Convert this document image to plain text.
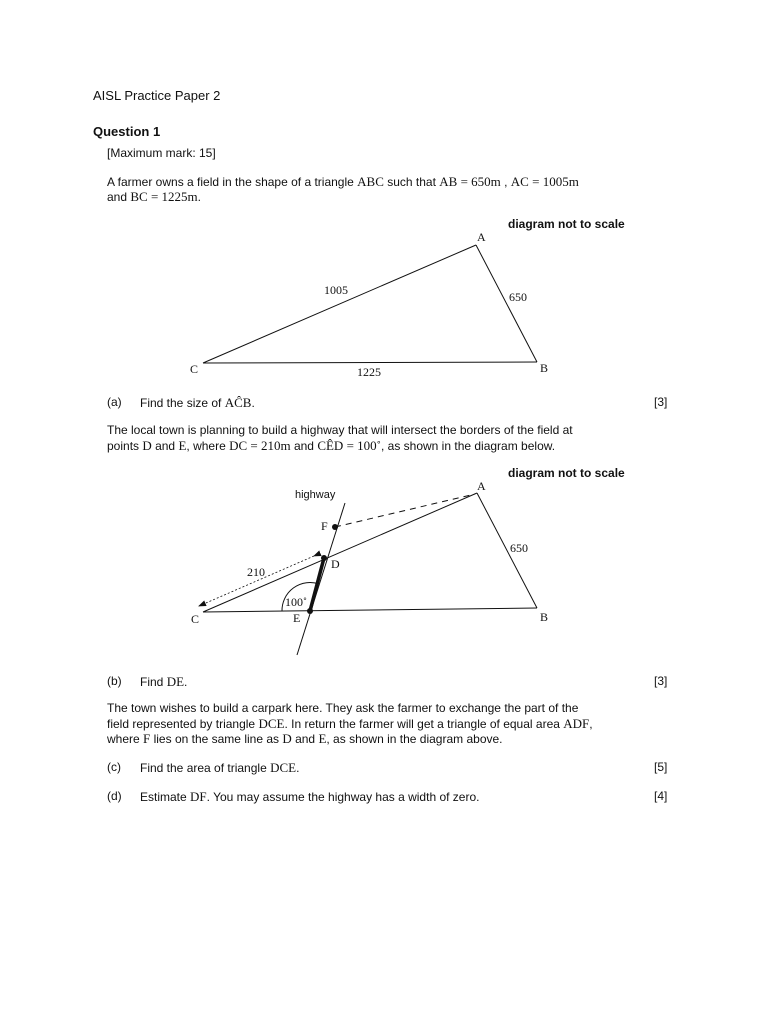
AISL Practice Paper 2
Question 1
[Maximum mark: 15]
A farmer owns a field in the shape of a triangle ABC such that AB = 650m , AC = 1005m
and BC = 1225m.
diagram not to scale
A
B
C
1005	650
1225
(a) Find the size of AĈB.	[3]
The local town is planning to build a highway that will intersect the borders of the field at
points D and E, where DC = 210m and CÊD = 100˚, as shown in the diagram below.
diagram not to scale
highway
A
B
C
D
E
F
650
210
100˚
(b) Find DE.	[3]
The town wishes to build a carpark here. They ask the farmer to exchange the part of the
field represented by triangle DCE. In return the farmer will get a triangle of equal area ADF,
where F lies on the same line as D and E, as shown in the diagram above.
(c) Find the area of triangle DCE.	[5]
(d) Estimate DF. You may assume the highway has a width of zero.	[4]
